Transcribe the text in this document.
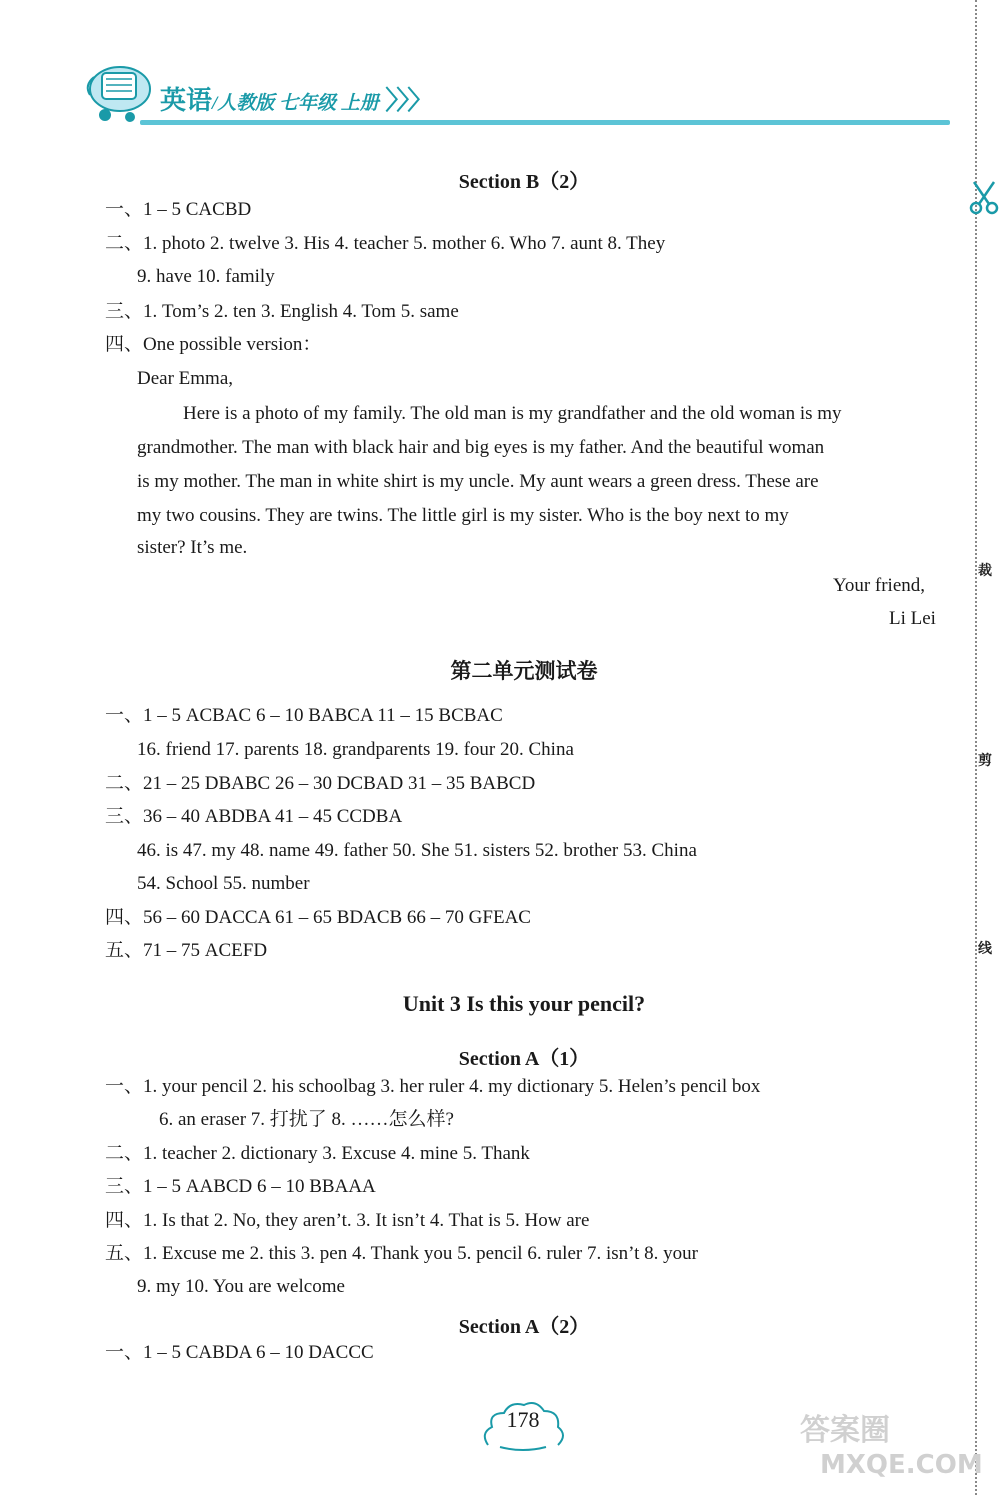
英语/人教版 七年级 上册 〉〉〉
Section B（2）
一、1 – 5 CACBD
二、1. photo 2. twelve 3. His 4. teacher 5. mother 6. Who 7. aunt 8. They
9. have 10. family
三、1. Tom’s 2. ten 3. English 4. Tom 5. same
四、One possible version：
Dear Emma,
Here is a photo of my family. The old man is my grandfather and the old woman is my
grandmother. The man with black hair and big eyes is my father. And the beautiful woman
is my mother. The man in white shirt is my uncle. My aunt wears a green dress. These are
my two cousins. They are twins. The little girl is my sister. Who is the boy next to my
sister? It’s me.
Your friend,
Li Lei
第二单元测试卷
一、1 – 5 ACBAC 6 – 10 BABCA 11 – 15 BCBAC
16. friend 17. parents 18. grandparents 19. four 20. China
二、21 – 25 DBABC 26 – 30 DCBAD 31 – 35 BABCD
三、36 – 40 ABDBA 41 – 45 CCDBA
46. is 47. my 48. name 49. father 50. She 51. sisters 52. brother 53. China
54. School 55. number
四、56 – 60 DACCA 61 – 65 BDACB 66 – 70 GFEAC
五、71 – 75 ACEFD
Unit 3 Is this your pencil?
Section A（1）
一、1. your pencil 2. his schoolbag 3. her ruler 4. my dictionary 5. Helen’s pencil box
6. an eraser 7. 打扰了 8. ……怎么样?
二、1. teacher 2. dictionary 3. Excuse 4. mine 5. Thank
三、1 – 5 AABCD 6 – 10 BBAAA
四、1. Is that 2. No, they aren’t. 3. It isn’t 4. That is 5. How are
五、1. Excuse me 2. this 3. pen 4. Thank you 5. pencil 6. ruler 7. isn’t 8. your
9. my 10. You are welcome
Section A（2）
一、1 – 5 CABDA 6 – 10 DACCC
178
裁
剪
线
答案圈
MXQE.COM
